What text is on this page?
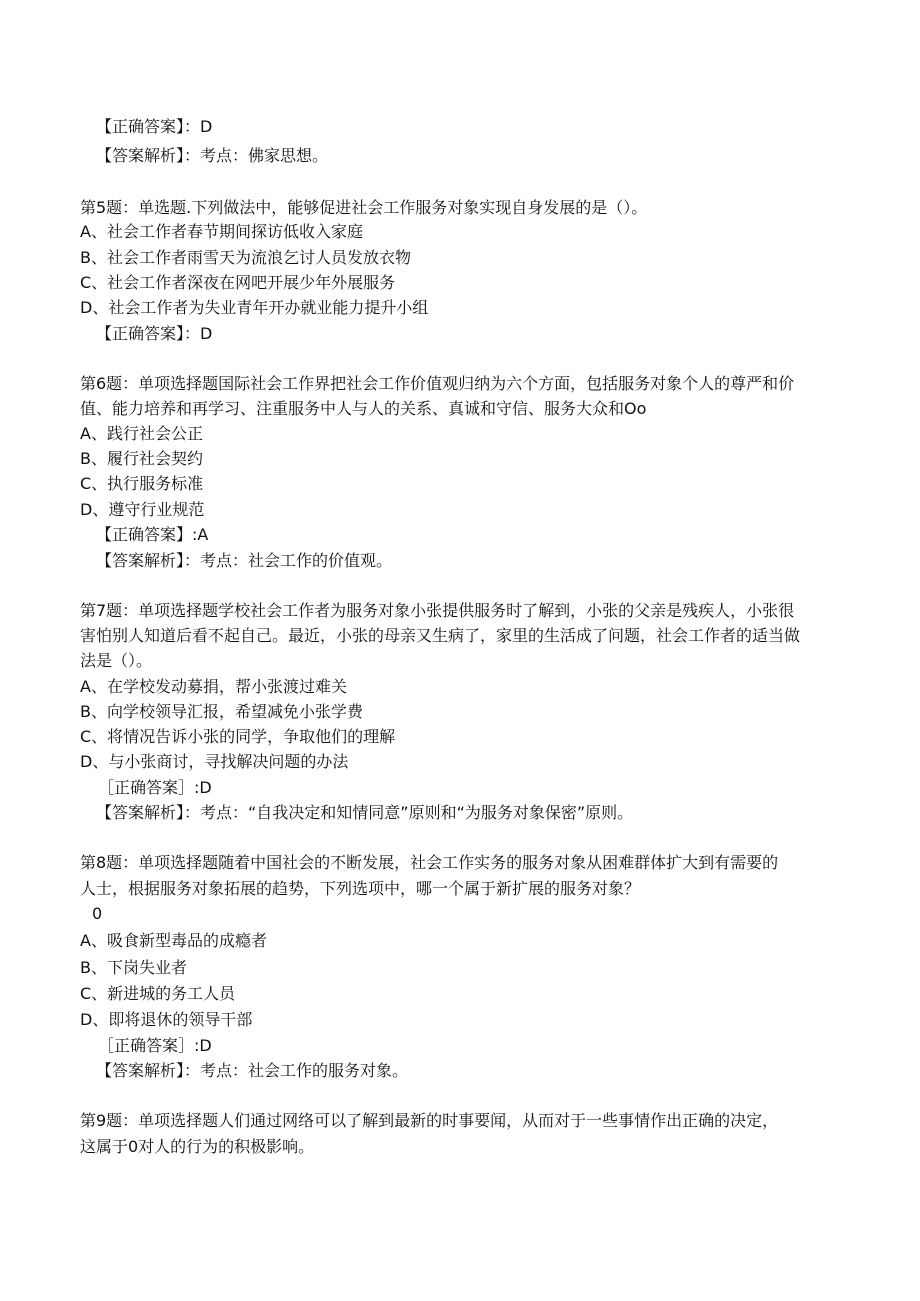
【正确答案】：D
【答案解析】：考点：佛家思想。
第5题：单选题.下列做法中，能够促进社会工作服务对象实现自身发展的是（）。
A、社会工作者春节期间探访低收入家庭
B、社会工作者雨雪天为流浪乞讨人员发放衣物
C、社会工作者深夜在网吧开展少年外展服务
D、社会工作者为失业青年开办就业能力提升小组
【正确答案】：D
第6题：单项选择题国际社会工作界把社会工作价值观归纳为六个方面，包括服务对象个人的尊严和价
值、能力培养和再学习、注重服务中人与人的关系、真诚和守信、服务大众和Oo
A、践行社会公正
B、履行社会契约
C、执行服务标准
D、遵守行业规范
【正确答案】:A
【答案解析】：考点：社会工作的价值观。
第7题：单项选择题学校社会工作者为服务对象小张提供服务时了解到，小张的父亲是残疾人，小张很
害怕别人知道后看不起自己。最近，小张的母亲又生病了，家里的生活成了问题，社会工作者的适当做
法是（）。
A、在学校发动募捐，帮小张渡过难关
B、向学校领导汇报，希望减免小张学费
C、将情况告诉小张的同学，争取他们的理解
D、与小张商讨，寻找解决问题的办法
［正确答案］:D
【答案解析】：考点：“自我决定和知情同意”原则和“为服务对象保密”原则。
第8题：单项选择题随着中国社会的不断发展，社会工作实务的服务对象从困难群体扩大到有需要的
人士，根据服务对象拓展的趋势，下列选项中，哪一个属于新扩展的服务对象？
0
A、吸食新型毒品的成瘾者
B、下岗失业者
C、新进城的务工人员
D、即将退休的领导干部
［正确答案］:D
【答案解析】：考点：社会工作的服务对象。
第9题：单项选择题人们通过网络可以了解到最新的时事要闻，从而对于一些事情作出正确的决定，
这属于0对人的行为的积极影响。
